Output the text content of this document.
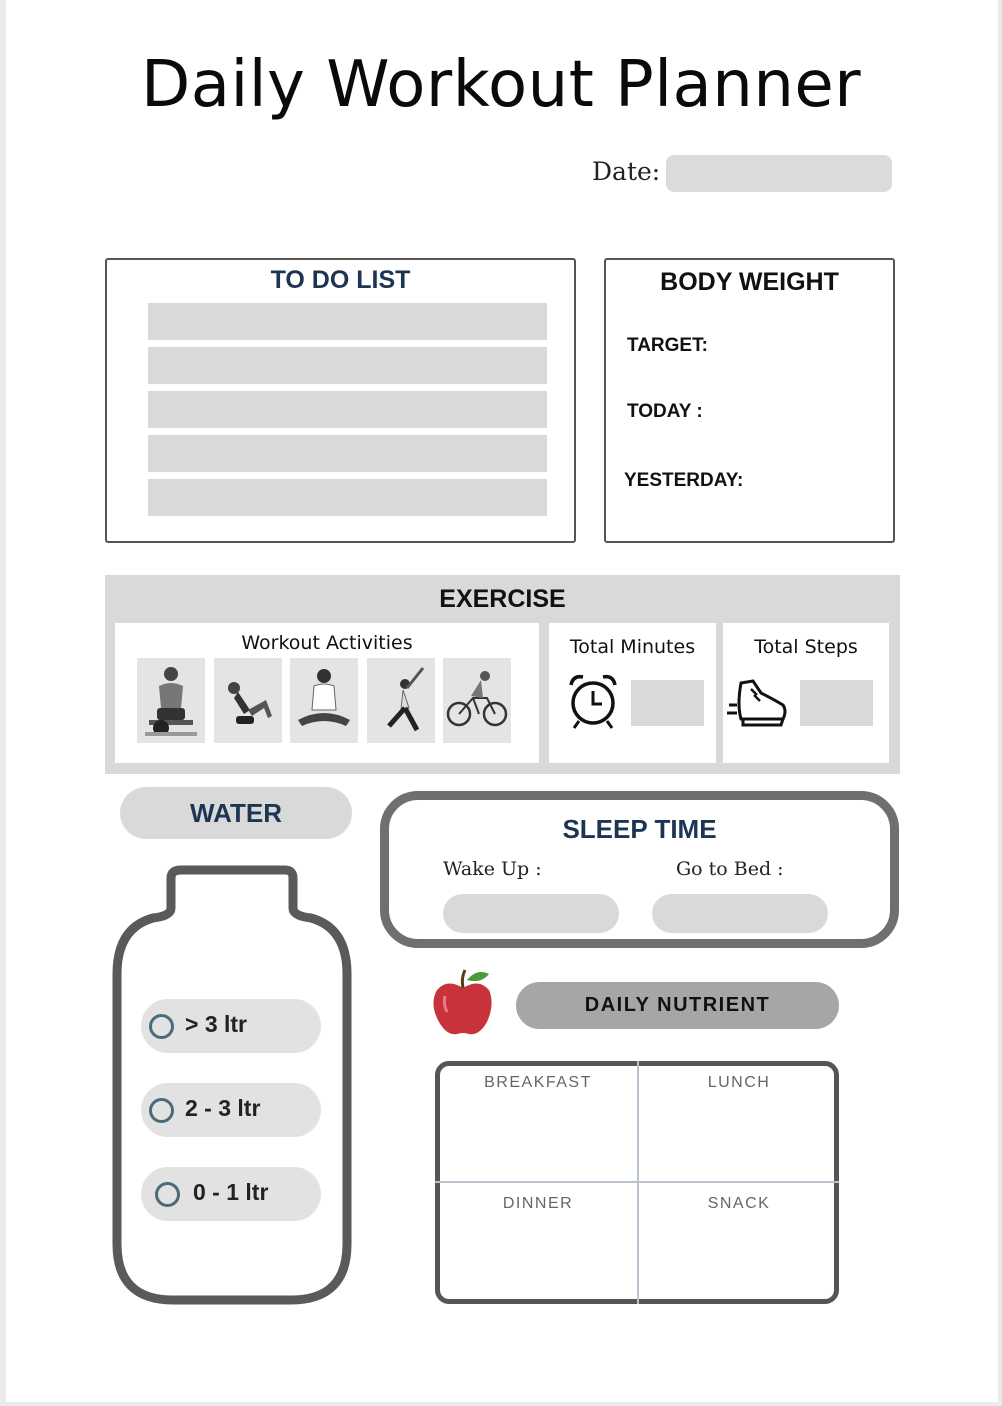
Daily Workout Planner
Date:
TO DO LIST	BODY WEIGHT
TARGET:
TODAY :
YESTERDAY:
EXERCISE
Workout Activities	Total Minutes	Total Steps
WATER
> 3 ltr
2 - 3 ltr
0 - 1 ltr
SLEEP TIME
Wake Up :	Go to Bed :
DAILY NUTRIENT
BREAKFAST	LUNCH
DINNER	SNACK
